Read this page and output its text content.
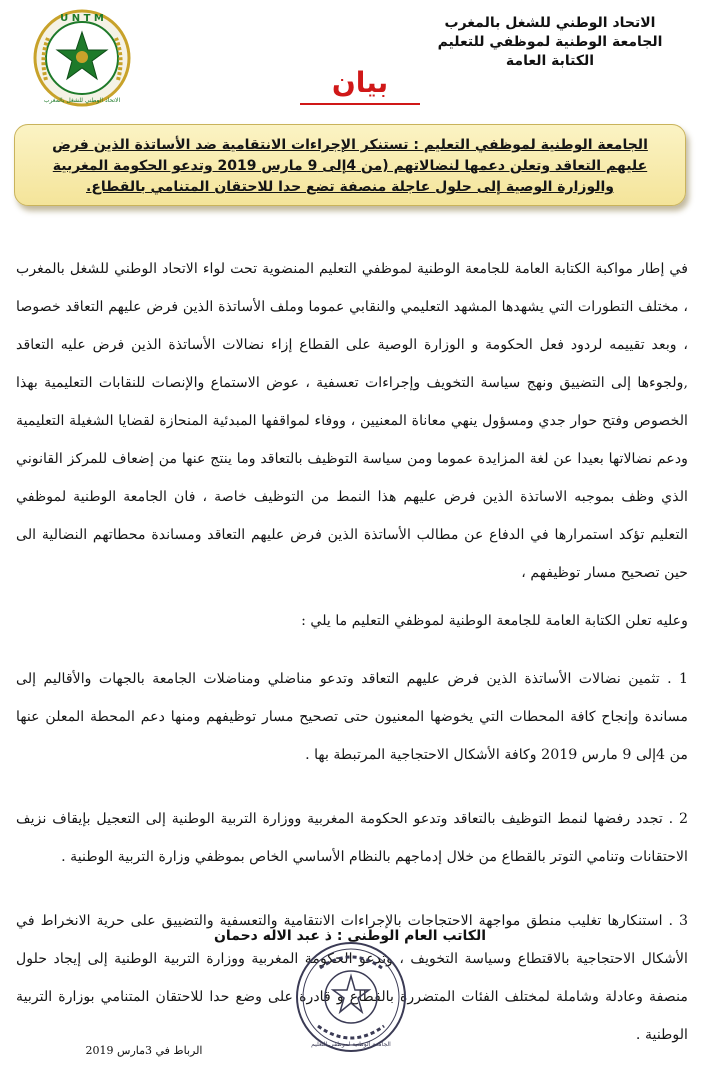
U N T M
الاتحاد الوطني للشغل بالمغرب
الاتحاد الوطني للشغل بالمغرب
الجامعة الوطنية لموظفي للتعليم
الكتابة العامة
بيان
الجامعة الوطنية لموظفي التعليم : تستنكر الإجراءات الانتقامية ضد الأساتذة الذين فرض عليهم التعاقد وتعلن دعمها لنضالاتهم (من 4إلى 9 مارس 2019 وتدعو الحكومة المغربية والوزارة الوصية إلى حلول عاجلة منصفة تضع حدا للاحتقان المتنامي بالقطاع.

في إطار مواكبة الكتابة العامة للجامعة الوطنية لموظفي التعليم المنضوية تحت لواء الاتحاد الوطني للشغل بالمغرب ، مختلف التطورات التي يشهدها المشهد التعليمي والنقابي عموما وملف الأساتذة الذين فرض عليهم التعاقد خصوصا ، وبعد تقييمه لردود فعل الحكومة و الوزارة الوصية على القطاع إزاء نضالات الأساتذة الذين فرض عليه التعاقد ,ولجوءها إلى التضييق ونهج سياسة التخويف وإجراءات تعسفية ، عوض الاستماع والإنصات للنقابات التعليمية بهذا الخصوص وفتح حوار جدي ومسؤول ينهي معاناة المعنيين ، ووفاء لمواقفها المبدئية المنحازة لقضايا الشغيلة التعليمية ودعم نضالاتها بعيدا عن لغة المزايدة عموما ومن سياسة التوظيف بالتعاقد وما ينتج عنها من إضعاف للمركز القانوني الذي وظف بموجبه الاساتذة الذين فرض عليهم هذا النمط من التوظيف خاصة ، فان الجامعة الوطنية لموظفي التعليم تؤكد استمرارها في الدفاع عن مطالب الأساتذة الذين فرض عليهم التعاقد ومساندة محطاتهم النضالية الى حين تصحيح مسار توظيفهم ،

وعليه تعلن الكتابة العامة للجامعة الوطنية لموظفي التعليم ما يلي :

1 . تثمين نضالات الأساتذة الذين فرض عليهم التعاقد وتدعو مناضلي ومناضلات الجامعة بالجهات والأقاليم إلى مساندة وإنجاح كافة المحطات التي يخوضها المعنيون حتى تصحيح مسار توظيفهم ومنها دعم المحطة المعلن عنها من 4إلى 9 مارس 2019 وكافة الأشكال الاحتجاجية المرتبطة بها .

2 . تجدد رفضها لنمط التوظيف بالتعاقد وتدعو الحكومة المغربية ووزارة التربية الوطنية إلى التعجيل بإيقاف نزيف الاحتقانات وتنامي التوتر بالقطاع من خلال إدماجهم بالنظام الأساسي الخاص بموظفي وزارة التربية الوطنية .

3 . استنكارها تغليب منطق مواجهة الاحتجاجات بالإجراءات الانتقامية والتعسفية والتضييق على حرية الانخراط في الأشكال الاحتجاجية بالاقتطاع وسياسة التخويف ، وتدعو الحكومة المغربية ووزارة التربية الوطنية إلى إيجاد حلول منصفة وعادلة وشاملة لمختلف الفئات المتضررة بالقطاع و قادرة على وضع حدا للاحتقان المتنامي بوزارة التربية الوطنية .

الكاتب العام الوطني : ذ عبد الاله دحمان
الجامعة الوطنية لموظفي التعليم
الرباط في 3مارس 2019
